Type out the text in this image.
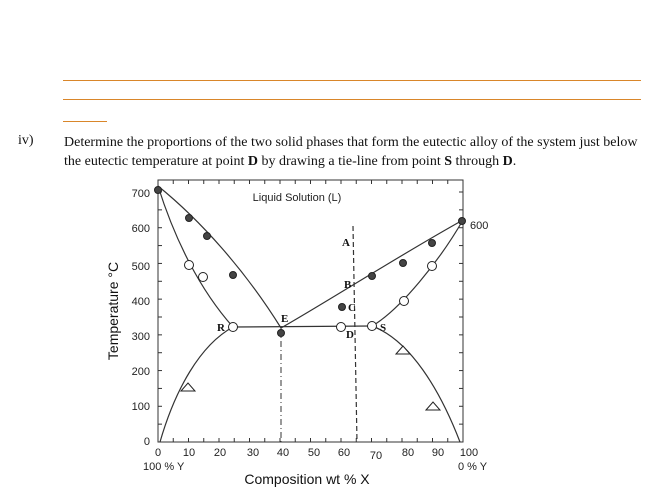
iv) Determine the proportions of the two solid phases that form the eutectic alloy of the system just below the eutectic temperature at point D by drawing a tie-line from point S through D.
700
600
500
400
300
200
100
0
0 10 20 30 40 50 60 70 80 90 100
100 % Y	0 % Y
600
Composition wt % X
Temperature °C
Liquid Solution (L)
A
B
C
D
E
R	S
